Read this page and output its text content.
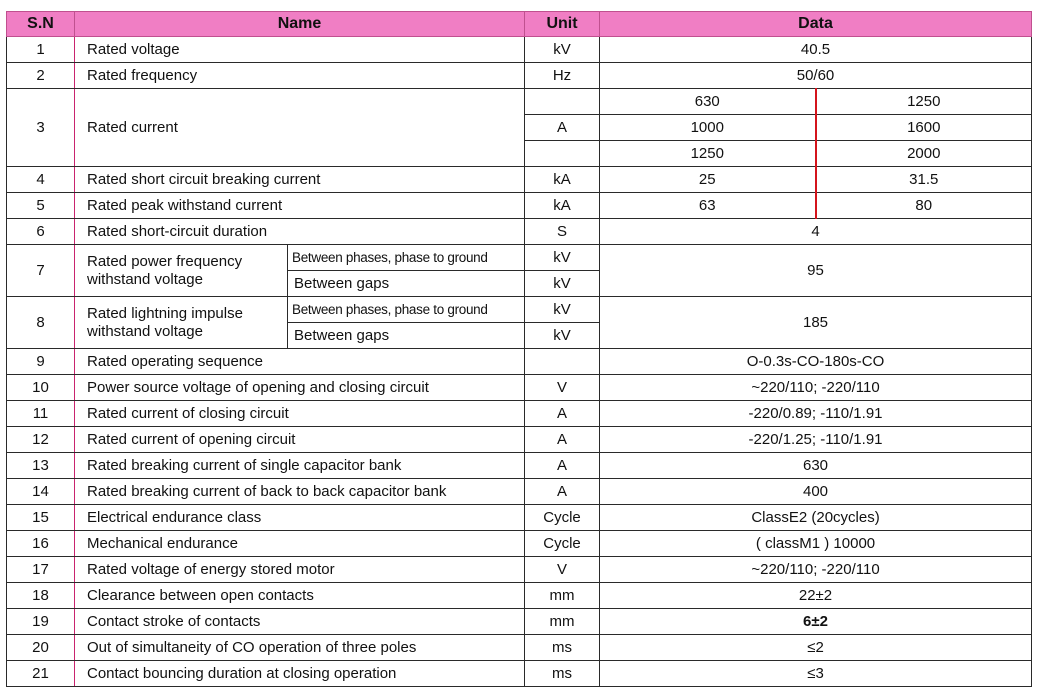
S.N	Name		Unit	Data	
1	Rated voltage		kV	40.5	
2	Rated frequency		Hz	50/60	
3	Rated current			630	1250
			A	1000	1600
				1250	2000
4	Rated short circuit breaking current		kA	25	31.5
5	Rated peak withstand current		kA	63	80
6	Rated short-circuit duration		S	4	
7	Rated power frequency withstand voltage	Between phases, phase to ground	kV	95	
		Between gaps	kV		
8	Rated lightning impulse withstand voltage	Between phases, phase to ground	kV	185	
		Between gaps	kV		
9	Rated operating sequence			O-0.3s-CO-180s-CO	
10	Power source voltage of opening and closing circuit		V	~220/110; -220/110	
11	Rated current of closing circuit		A	-220/0.89; -110/1.91	
12	Rated current of opening circuit		A	-220/1.25; -110/1.91	
13	Rated breaking current of single capacitor bank		A	630	
14	Rated breaking current of back to back capacitor bank		A	400	
15	Electrical endurance class		Cycle	ClassE2 (20cycles)	
16	Mechanical endurance		Cycle	( classM1 ) 10000	
17	Rated voltage of energy stored motor		V	~220/110; -220/110	
18	Clearance between open contacts		mm	22±2	
19	Contact stroke of contacts		mm	6±2	
20	Out of simultaneity of CO operation of three poles		ms	≤2	
21	Contact bouncing duration at closing operation		ms	≤3	
